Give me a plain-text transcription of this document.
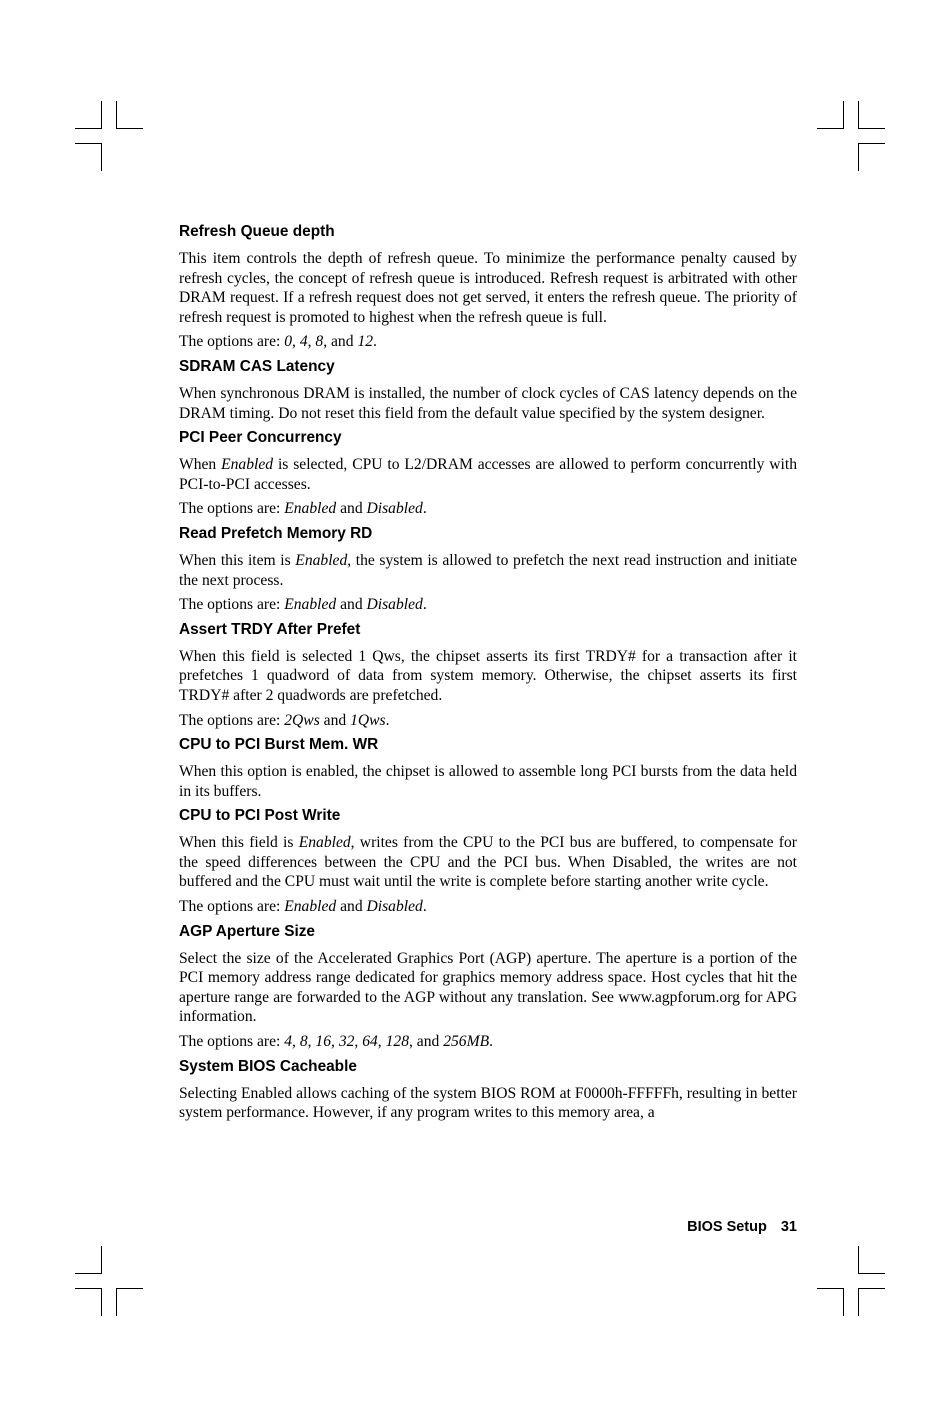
Refresh Queue depth

This item controls the depth of refresh queue. To minimize the performance penalty caused by refresh cycles, the concept of refresh queue is introduced. Refresh request is arbitrated with other DRAM request. If a refresh request does not get served, it enters the refresh queue. The priority of refresh request is promoted to highest when the refresh queue is full.

The options are: 0, 4, 8, and 12.

SDRAM CAS Latency

When synchronous DRAM is installed, the number of clock cycles of CAS latency depends on the DRAM timing. Do not reset this field from the default value specified by the system designer.

PCI Peer Concurrency

When Enabled is selected, CPU to L2/DRAM accesses are allowed to perform concurrently with PCI-to-PCI accesses.

The options are: Enabled and Disabled.

Read Prefetch Memory RD

When this item is Enabled, the system is allowed to prefetch the next read instruction and initiate the next process.

The options are: Enabled and Disabled.

Assert TRDY After Prefet

When this field is selected 1 Qws, the chipset asserts its first TRDY# for a transaction after it prefetches 1 quadword of data from system memory. Otherwise, the chipset asserts its first TRDY# after 2 quadwords are prefetched.

The options are: 2Qws and 1Qws.

CPU to PCI Burst Mem. WR

When this option is enabled, the chipset is allowed to assemble long PCI bursts from the data held in its buffers.

CPU to PCI Post Write

When this field is Enabled, writes from the CPU to the PCI bus are buffered, to compensate for the speed differences between the CPU and the PCI bus. When Disabled, the writes are not buffered and the CPU must wait until the write is complete before starting another write cycle.

The options are: Enabled and Disabled.

AGP Aperture Size

Select the size of the Accelerated Graphics Port (AGP) aperture. The aperture is a portion of the PCI memory address range dedicated for graphics memory address space. Host cycles that hit the aperture range are forwarded to the AGP without any translation. See www.agpforum.org for APG information.

The options are: 4, 8, 16, 32, 64, 128, and 256MB.

System BIOS Cacheable

Selecting Enabled allows caching of the system BIOS ROM at F0000h-FFFFFh, resulting in better system performance. However, if any program writes to this memory area, a

BIOS Setup 31
